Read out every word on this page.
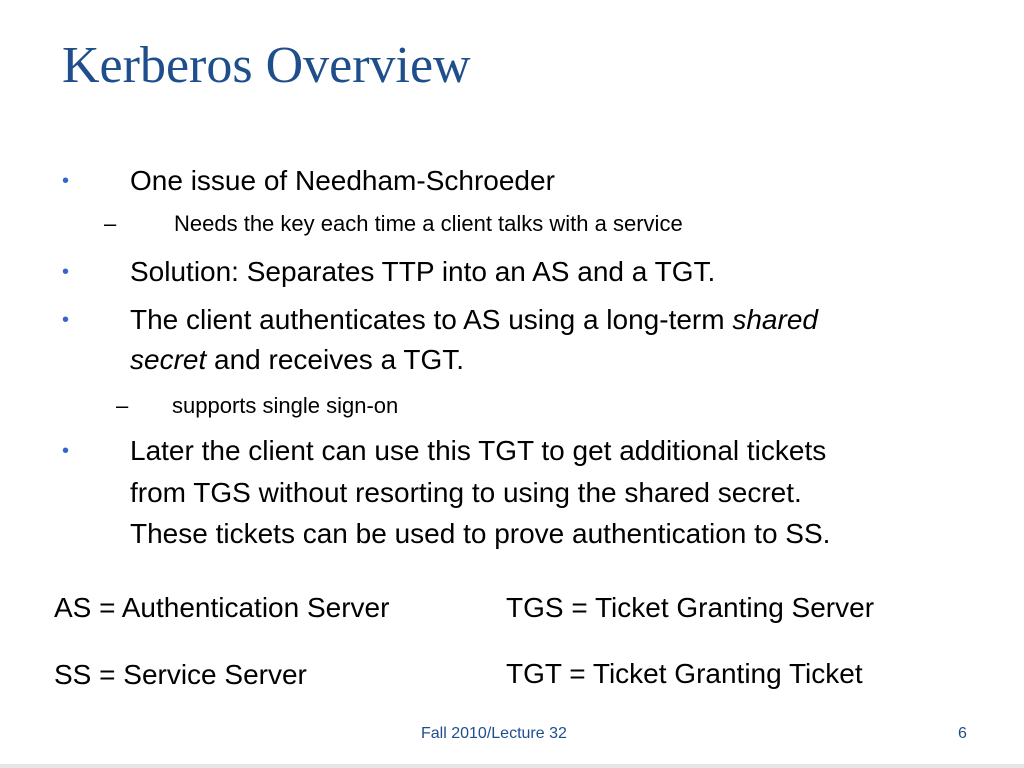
Kerberos Overview
•	One issue of Needham-Schroeder
–	Needs the key each time a client talks with a service
•	Solution: Separates TTP into an AS and a TGT.
•	The client authenticates to AS using a long-term shared
secret and receives a TGT.
– supports single sign-on
•	Later the client can use this TGT to get additional tickets
from TGS without resorting to using the shared secret.
These tickets can be used to prove authentication to SS.
AS = Authentication Server	TGS = Ticket Granting Server
SS = Service Server	TGT = Ticket Granting Ticket
Fall 2010/Lecture 32	6
